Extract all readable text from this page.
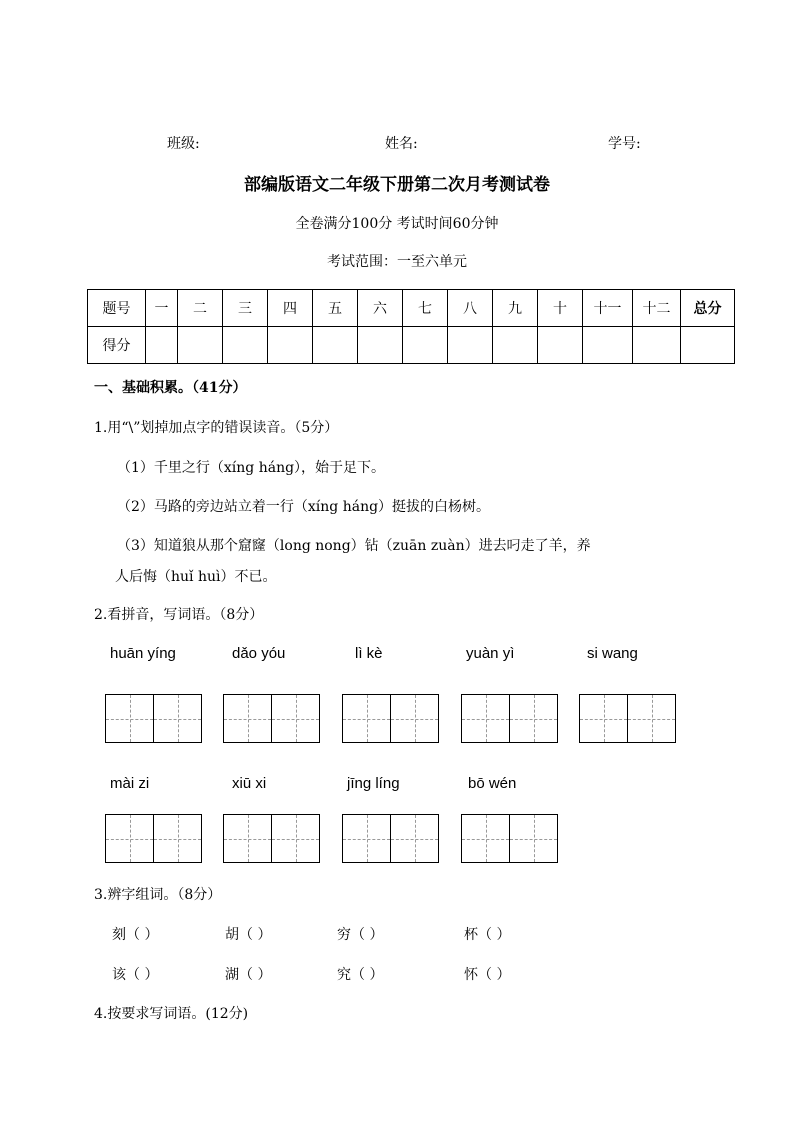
班级:	姓名:	学号:
部编版语文二年级下册第二次月考测试卷
全卷满分100分 考试时间60分钟
考试范围：一至六单元
题号	一	二	三	四	五	六	七	八	九	十	十一	十二	总分
得分													
一、基础积累。（41分）
1.用“\”划掉加点字的错误读音。（5分）
（1）千里之行（xíng háng），始于足下。
（2）马路的旁边站立着一行（xíng háng）挺拔的白杨树。
（3）知道狼从那个窟窿（long nong）钻（zuān zuàn）进去叼走了羊，养
人后悔（huǐ huì）不已。
2.看拼音，写词语。（8分）
huān yíng	dǎo yóu	lì kè	yuàn yì	si wang
mài zi	xiū xi	jīng líng	bō wén
3.辨字组词。（8分）
刻（ ）	胡（ ）	穷（ ）	杯（ ）
该（ ）	湖（ ）	究（ ）	怀（ ）
4.按要求写词语。(12分)
